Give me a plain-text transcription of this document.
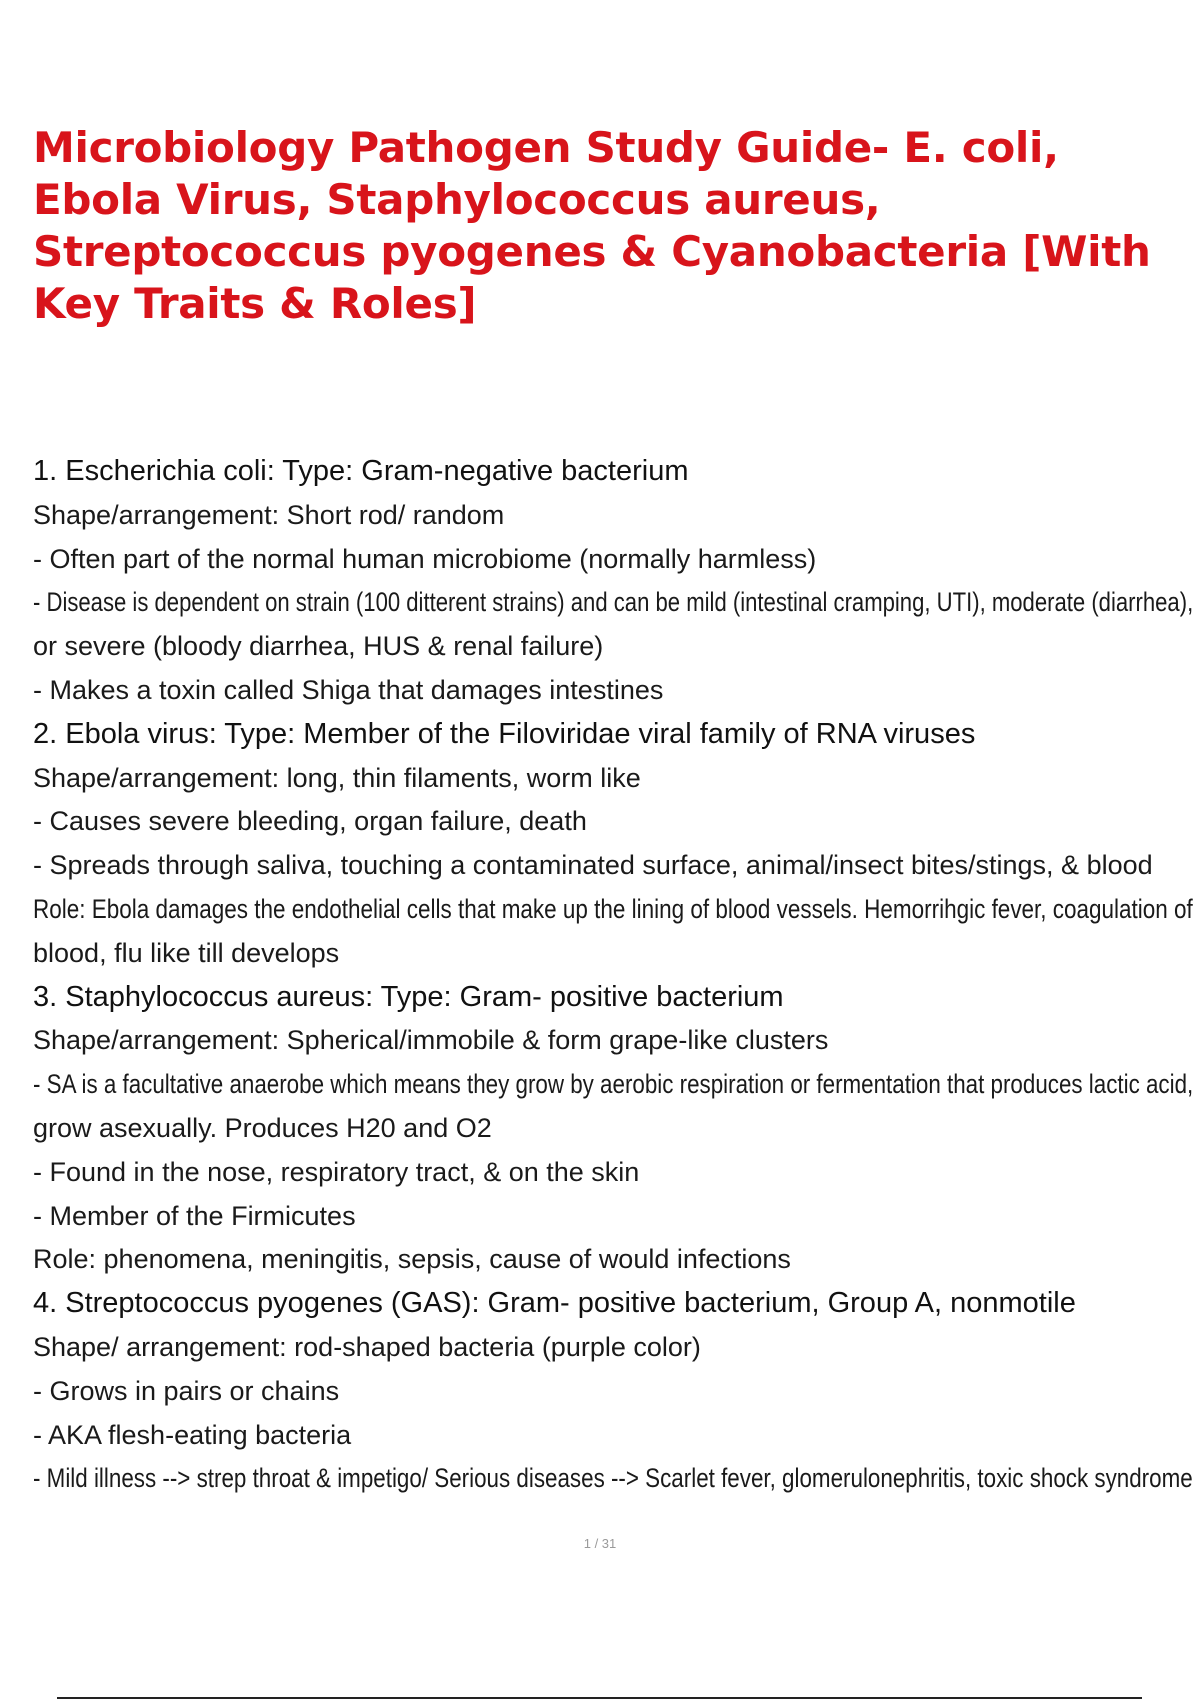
Microbiology Pathogen Study Guide- E. coli, Ebola Virus, Staphylococcus aureus, Streptococcus pyogenes & Cyanobacteria [With Key Traits & Roles]
1. Escherichia coli: Type: Gram-negative bacterium
Shape/arrangement: Short rod/ random
- Often part of the normal human microbiome (normally harmless)
- Disease is dependent on strain (100 ditterent strains) and can be mild (intestinal cramping, UTI), moderate (diarrhea),
or severe (bloody diarrhea, HUS & renal failure)
- Makes a toxin called Shiga that damages intestines
2. Ebola virus: Type: Member of the Filoviridae viral family of RNA viruses
Shape/arrangement: long, thin filaments, worm like
- Causes severe bleeding, organ failure, death
- Spreads through saliva, touching a contaminated surface, animal/insect bites/stings, & blood
Role: Ebola damages the endothelial cells that make up the lining of blood vessels. Hemorrihgic fever, coagulation of
blood, flu like till develops
3. Staphylococcus aureus: Type: Gram- positive bacterium
Shape/arrangement: Spherical/immobile & form grape-like clusters
- SA is a facultative anaerobe which means they grow by aerobic respiration or fermentation that produces lactic acid,
grow asexually. Produces H20 and O2
- Found in the nose, respiratory tract, & on the skin
- Member of the Firmicutes
Role: phenomena, meningitis, sepsis, cause of would infections
4. Streptococcus pyogenes (GAS): Gram- positive bacterium, Group A, nonmotile
Shape/ arrangement: rod-shaped bacteria (purple color)
- Grows in pairs or chains
- AKA flesh-eating bacteria
- Mild illness --> strep throat & impetigo/ Serious diseases --> Scarlet fever, glomerulonephritis, toxic shock syndrome
1 / 31
